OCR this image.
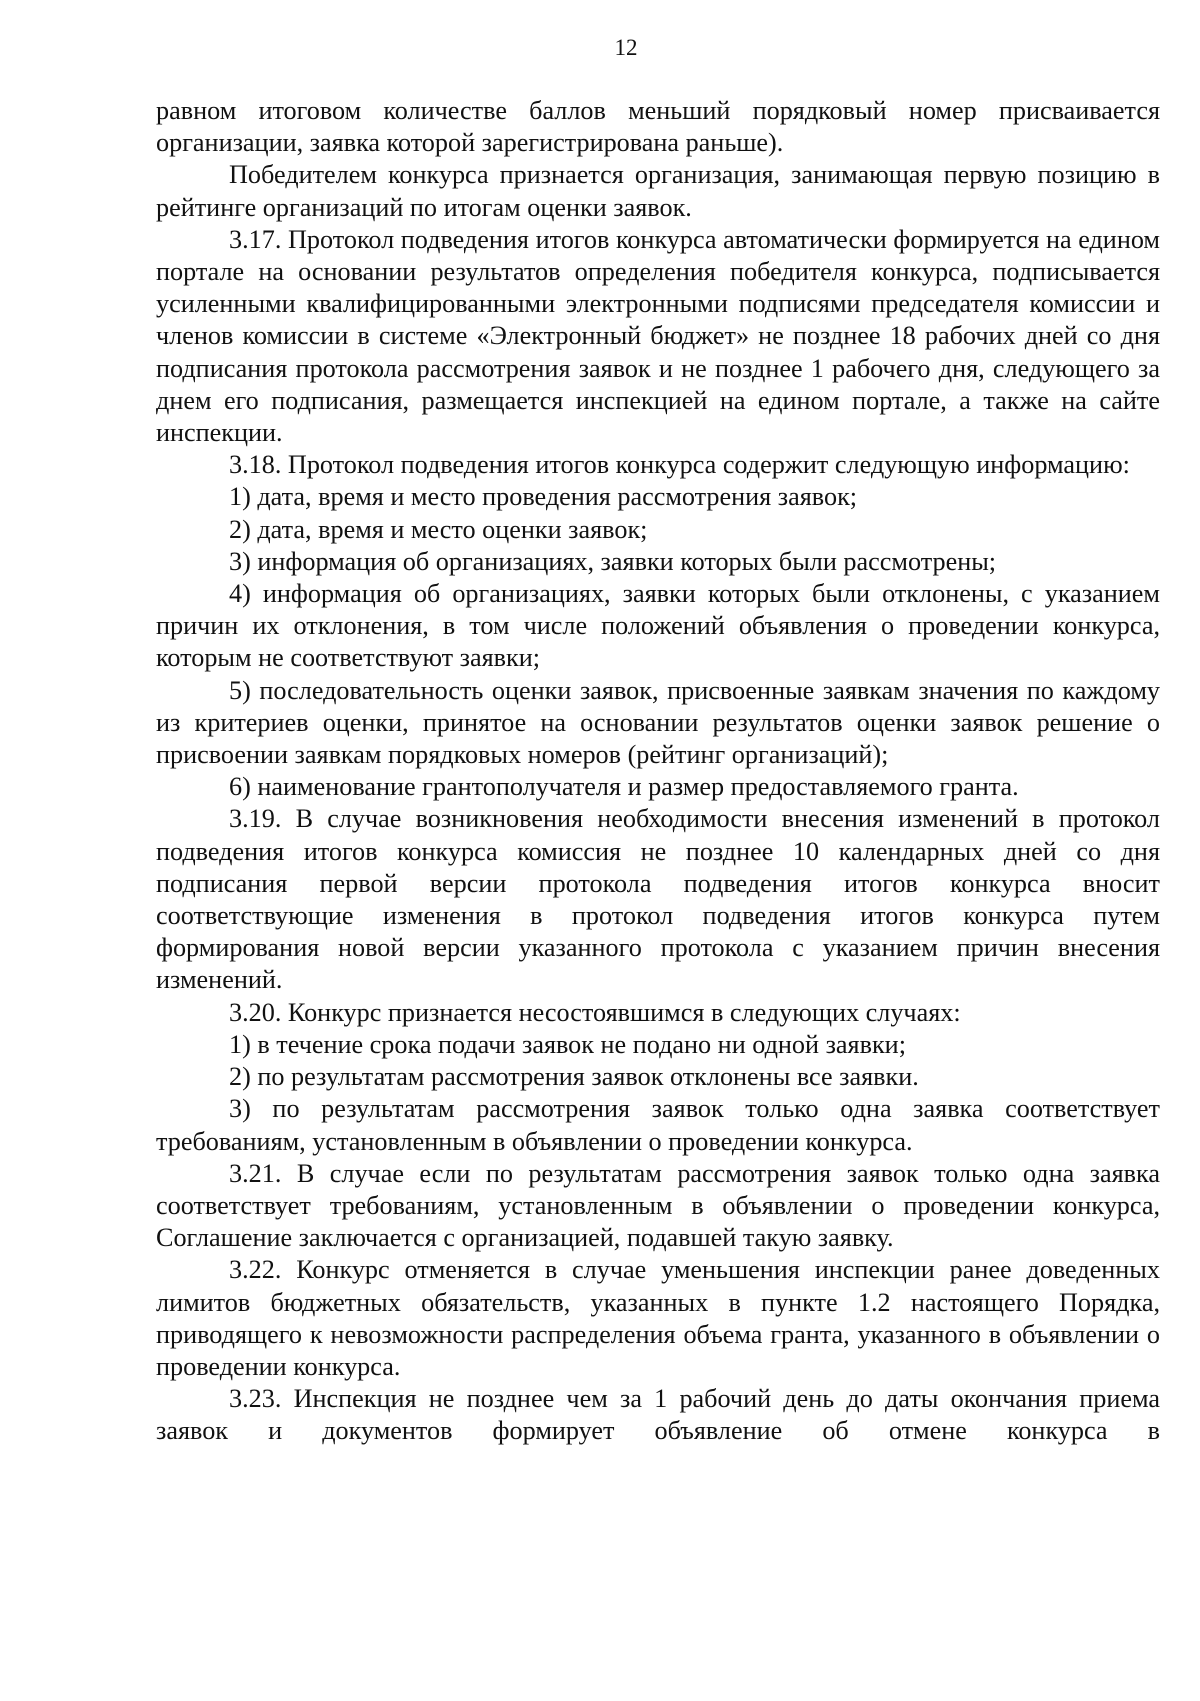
12

равном итоговом количестве баллов меньший порядковый номер присваивается организации, заявка которой зарегистрирована раньше).

Победителем конкурса признается организация, занимающая первую позицию в рейтинге организаций по итогам оценки заявок.

3.17. Протокол подведения итогов конкурса автоматически формируется на едином портале на основании результатов определения победителя конкурса, подписывается усиленными квалифицированными электронными подписями председателя комиссии и членов комиссии в системе «Электронный бюджет» не позднее 18 рабочих дней со дня подписания протокола рассмотрения заявок и не позднее 1 рабочего дня, следующего за днем его подписания, размещается инспекцией на едином портале, а также на сайте инспекции.

3.18. Протокол подведения итогов конкурса содержит следующую информацию:

1) дата, время и место проведения рассмотрения заявок;

2) дата, время и место оценки заявок;

3) информация об организациях, заявки которых были рассмотрены;

4) информация об организациях, заявки которых были отклонены, с указанием причин их отклонения, в том числе положений объявления о проведении конкурса, которым не соответствуют заявки;

5) последовательность оценки заявок, присвоенные заявкам значения по каждому из критериев оценки, принятое на основании результатов оценки заявок решение о присвоении заявкам порядковых номеров (рейтинг организаций);

6) наименование грантополучателя и размер предоставляемого гранта.

3.19. В случае возникновения необходимости внесения изменений в протокол подведения итогов конкурса комиссия не позднее 10 календарных дней со дня подписания первой версии протокола подведения итогов конкурса вносит соответствующие изменения в протокол подведения итогов конкурса путем формирования новой версии указанного протокола с указанием причин внесения изменений.

3.20. Конкурс признается несостоявшимся в следующих случаях:

1) в течение срока подачи заявок не подано ни одной заявки;

2) по результатам рассмотрения заявок отклонены все заявки.

3) по результатам рассмотрения заявок только одна заявка соответствует требованиям, установленным в объявлении о проведении конкурса.

3.21. В случае если по результатам рассмотрения заявок только одна заявка соответствует требованиям, установленным в объявлении о проведении конкурса, Соглашение заключается с организацией, подавшей такую заявку.

3.22. Конкурс отменяется в случае уменьшения инспекции ранее доведенных лимитов бюджетных обязательств, указанных в пункте 1.2 настоящего Порядка, приводящего к невозможности распределения объема гранта, указанного в объявлении о проведении конкурса.

3.23. Инспекция не позднее чем за 1 рабочий день до даты окончания приема заявок и документов формирует объявление об отмене конкурса в
